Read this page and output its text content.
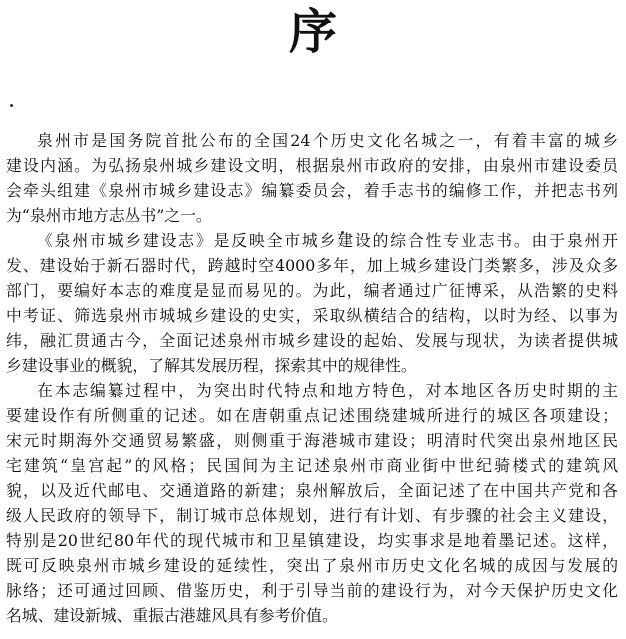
序
泉州市是国务院首批公布的全国24个历史文化名城之一，有着丰富的城乡
建设内涵。为弘扬泉州城乡建设文明，根据泉州市政府的安排，由泉州市建设委员
会牵头组建《泉州市城乡建设志》编纂委员会，着手志书的编修工作，并把志书列
为“泉州市地方志丛书”之一。
《泉州市城乡建设志》是反映全市城乡建设的综合性专业志书。由于泉州开
发、建设始于新石器时代，跨越时空4000多年，加上城乡建设门类繁多，涉及众多
部门，要编好本志的难度是显而易见的。为此，编者通过广征博采，从浩繁的史料
中考证、筛选泉州市城城乡建设的史实，采取纵横结合的结构，以时为经、以事为
纬，融汇贯通古今，全面记述泉州市城乡建设的起始、发展与现状，为读者提供城
乡建设事业的概貌，了解其发展历程，探索其中的规律性。
在本志编纂过程中，为突出时代特点和地方特色，对本地区各历史时期的主
要建设作有所侧重的记述。如在唐朝重点记述围绕建城所进行的城区各项建设；
宋元时期海外交通贸易繁盛，则侧重于海港城市建设；明清时代突出泉州地区民
宅建筑“皇宫起”的风格；民国间为主记述泉州市商业街中世纪骑楼式的建筑风
貌，以及近代邮电、交通道路的新建；泉州解放后，全面记述了在中国共产党和各
级人民政府的领导下，制订城市总体规划，进行有计划、有步骤的社会主义建设，
特别是20世纪80年代的现代城市和卫星镇建设，均实事求是地着墨记述。这样，
既可反映泉州市城乡建设的延续性，突出了泉州市历史文化名城的成因与发展的
脉络；还可通过回顾、借鉴历史，利于引导当前的建设行为，对今天保护历史文化
名城、建设新城、重振古港雄风具有参考价值。
